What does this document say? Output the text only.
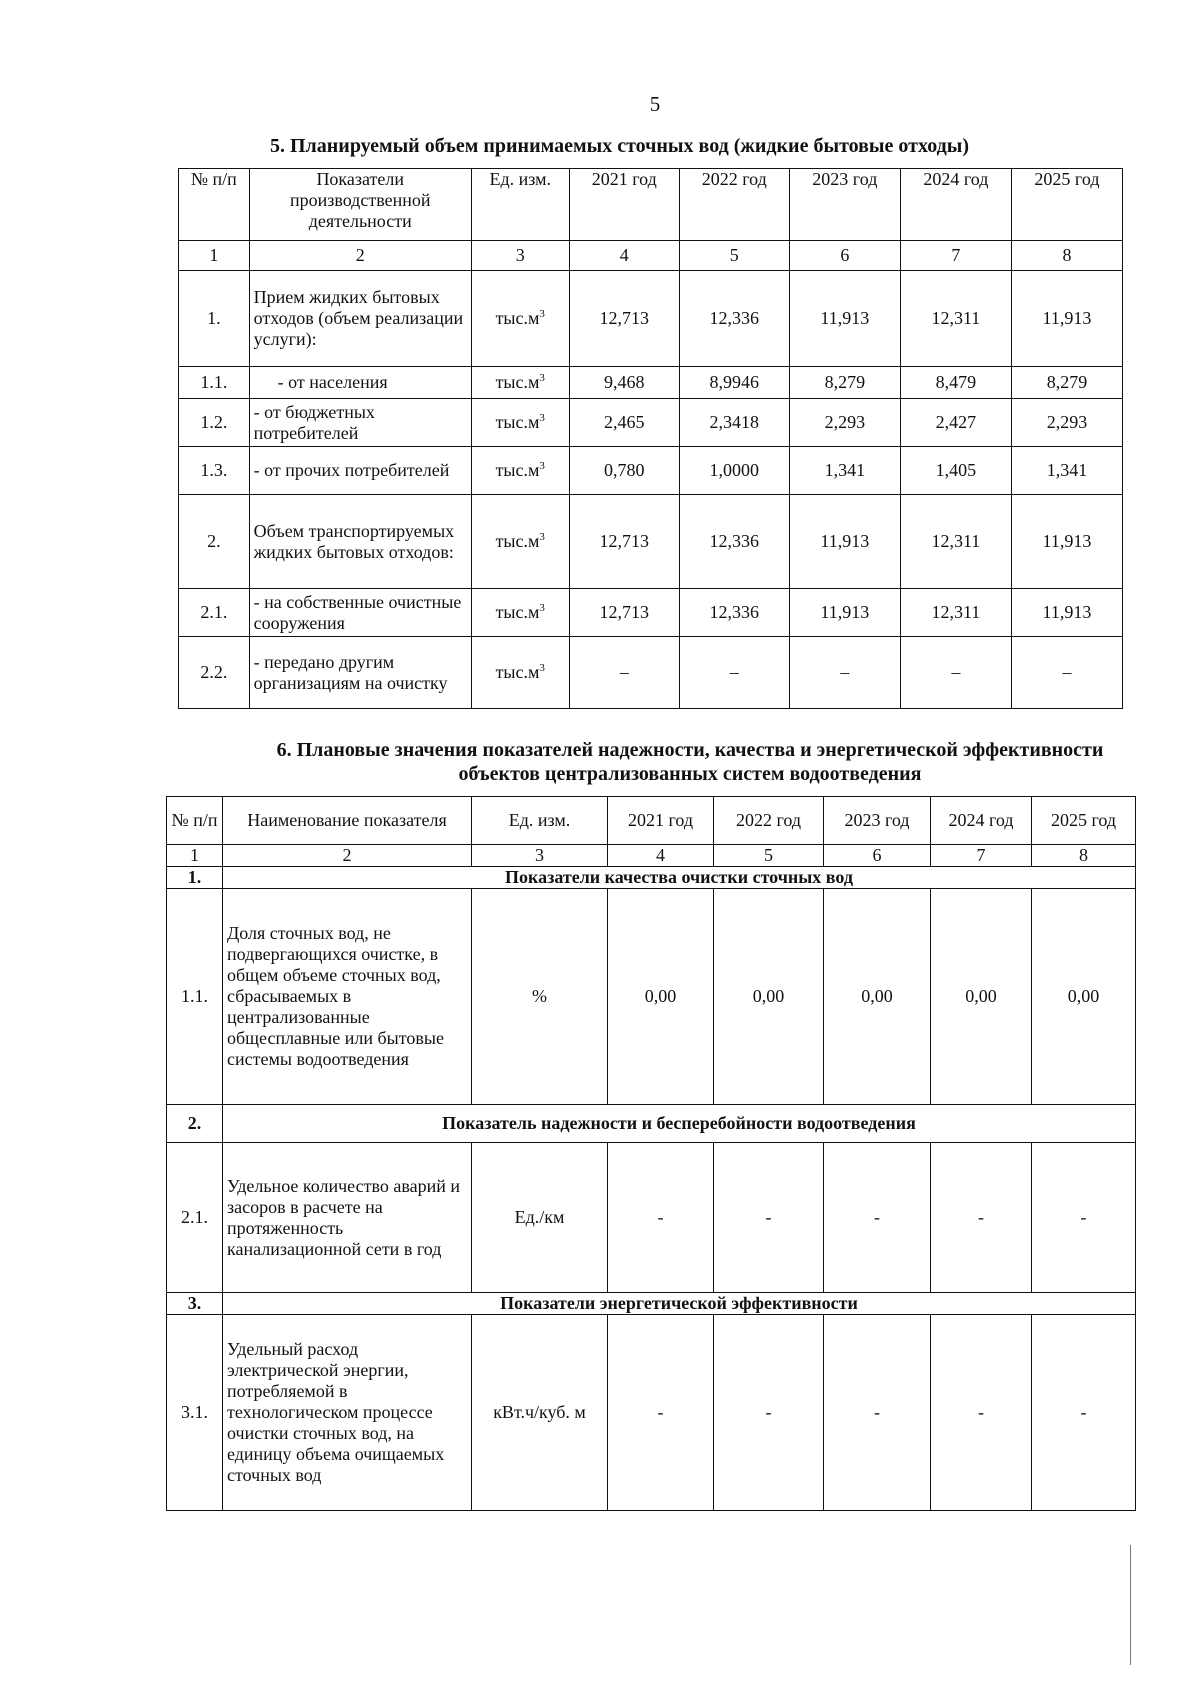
5
5. Планируемый объем принимаемых сточных вод (жидкие бытовые отходы)
№ п/п	Показатели производственной деятельности	Ед. изм.	2021 год	2022 год	2023 год	2024 год	2025 год
1	2	3	4	5	6	7	8
1.	Прием жидких бытовых отходов (объем реализации услуги):	$тыс.м^3$	12,713	12,336	11,913	12,311	11,913
1.1.	- от населения	$тыс.м^3$	9,468	8,9946	8,279	8,479	8,279
1.2.	- от бюджетных потребителей	$тыс.м^3$	2,465	2,3418	2,293	2,427	2,293
1.3.	- от прочих потребителей	$тыс.м^3$	0,780	1,0000	1,341	1,405	1,341
2.	Объем транспортируемых жидких бытовых отходов:	$тыс.м^3$	12,713	12,336	11,913	12,311	11,913
2.1.	- на собственные очистные сооружения	$тыс.м^3$	12,713	12,336	11,913	12,311	11,913
2.2.	- передано другим организациям на очистку	$тыс.м^3$	–	–	–	–	–
6. Плановые значения показателей надежности, качества и энергетической эффективности объектов централизованных систем водоотведения
№ п/п	Наименование показателя	Ед. изм.	2021 год	2022 год	2023 год	2024 год	2025 год
1	2	3	4	5	6	7	8
1.	Показатели качества очистки сточных вод						
1.1.	Доля сточных вод, не подвергающихся очистке, в общем объеме сточных вод, сбрасываемых в централизованные общесплавные или бытовые системы водоотведения	%	0,00	0,00	0,00	0,00	0,00
2.	Показатель надежности и бесперебойности водоотведения						
2.1.	Удельное количество аварий и засоров в расчете на протяженность канализационной сети в год	Ед./км	-	-	-	-	-
3.	Показатели энергетической эффективности						
3.1.	Удельный расход электрической энергии, потребляемой в технологическом процессе очистки сточных вод, на единицу объема очищаемых сточных вод	кВт.ч/куб. м	-	-	-	-	-
